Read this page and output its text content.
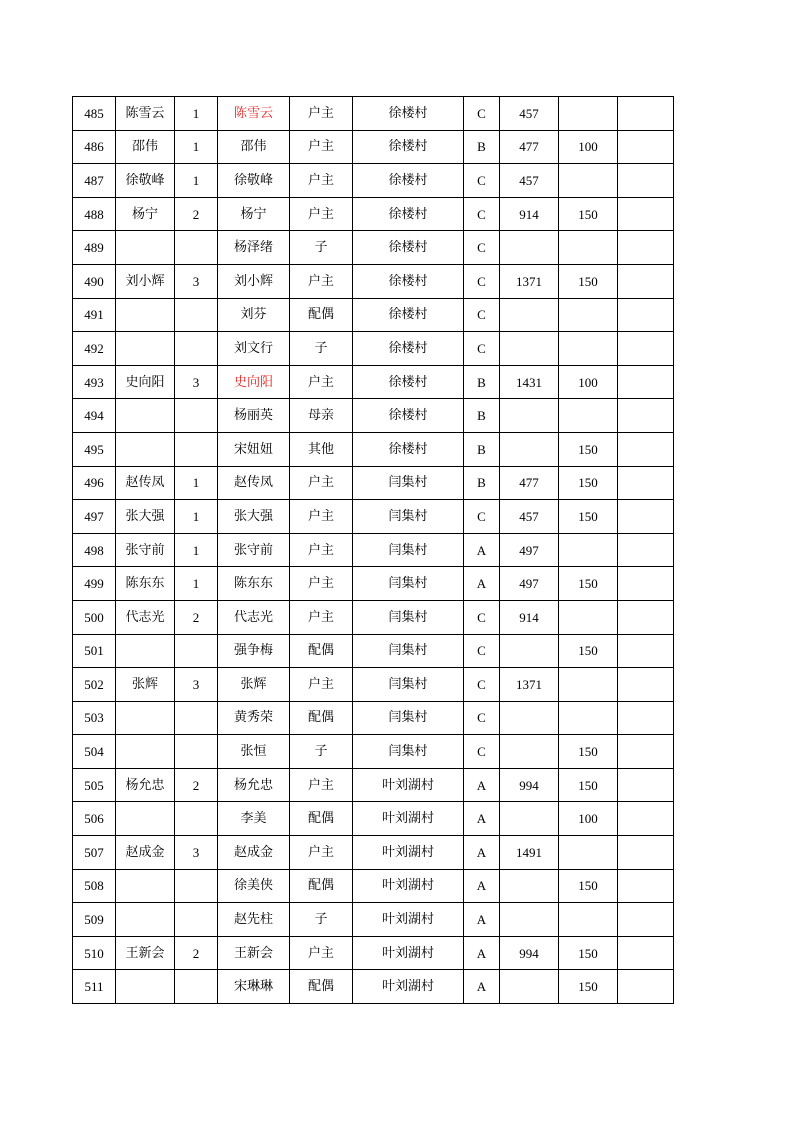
485	陈雪云	1	陈雪云	户主	徐楼村	C	457		
486	邵伟	1	邵伟	户主	徐楼村	B	477	100	
487	徐敬峰	1	徐敬峰	户主	徐楼村	C	457		
488	杨宁	2	杨宁	户主	徐楼村	C	914	150	
489			杨泽绪	子	徐楼村	C			
490	刘小辉	3	刘小辉	户主	徐楼村	C	1371	150	
491			刘芬	配偶	徐楼村	C			
492			刘文行	子	徐楼村	C			
493	史向阳	3	史向阳	户主	徐楼村	B	1431	100	
494			杨丽英	母亲	徐楼村	B			
495			宋妞妞	其他	徐楼村	B		150	
496	赵传凤	1	赵传凤	户主	闫集村	B	477	150	
497	张大强	1	张大强	户主	闫集村	C	457	150	
498	张守前	1	张守前	户主	闫集村	A	497		
499	陈东东	1	陈东东	户主	闫集村	A	497	150	
500	代志光	2	代志光	户主	闫集村	C	914		
501			强争梅	配偶	闫集村	C		150	
502	张辉	3	张辉	户主	闫集村	C	1371		
503			黄秀荣	配偶	闫集村	C			
504			张恒	子	闫集村	C		150	
505	杨允忠	2	杨允忠	户主	叶刘湖村	A	994	150	
506			李美	配偶	叶刘湖村	A		100	
507	赵成金	3	赵成金	户主	叶刘湖村	A	1491		
508			徐美侠	配偶	叶刘湖村	A		150	
509			赵先柱	子	叶刘湖村	A			
510	王新会	2	王新会	户主	叶刘湖村	A	994	150	
511			宋琳琳	配偶	叶刘湖村	A		150	
